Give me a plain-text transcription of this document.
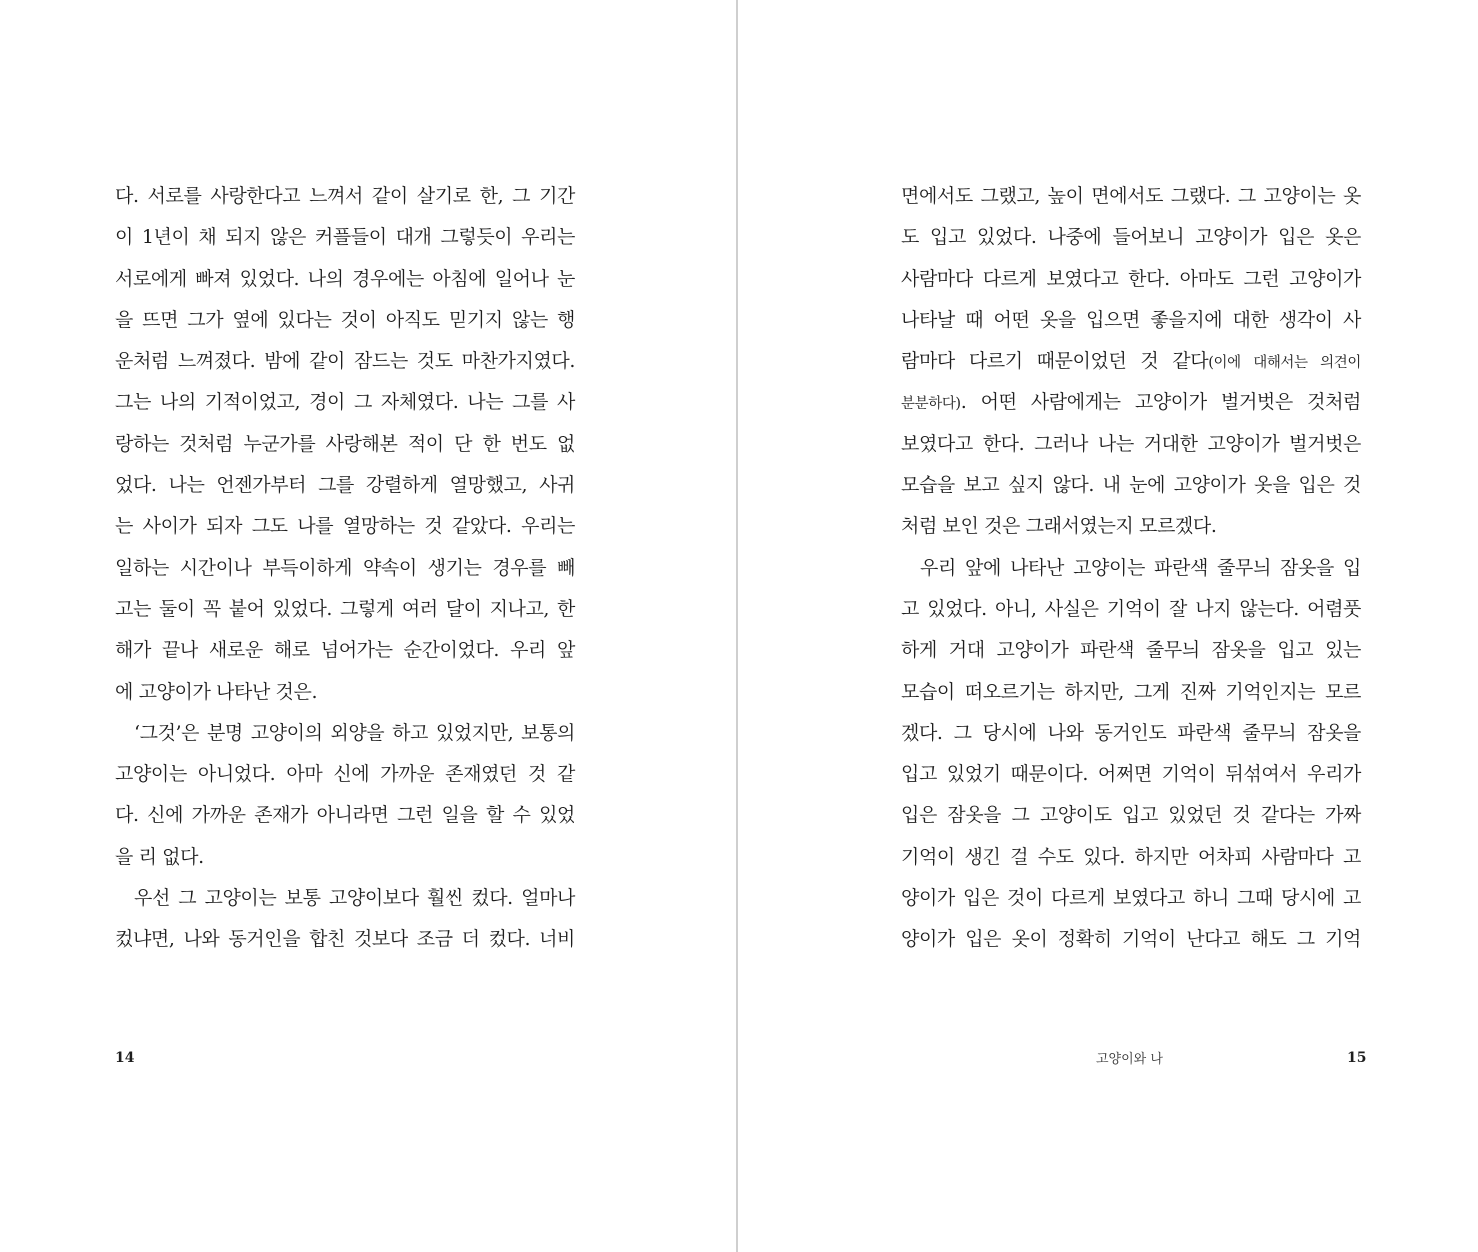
다. 서로를 사랑한다고 느껴서 같이 살기로 한, 그 기간
이 1년이 채 되지 않은 커플들이 대개 그렇듯이 우리는
서로에게 빠져 있었다. 나의 경우에는 아침에 일어나 눈
을 뜨면 그가 옆에 있다는 것이 아직도 믿기지 않는 행
운처럼 느껴졌다. 밤에 같이 잠드는 것도 마찬가지였다.
그는 나의 기적이었고, 경이 그 자체였다. 나는 그를 사
랑하는 것처럼 누군가를 사랑해본 적이 단 한 번도 없
었다. 나는 언젠가부터 그를 강렬하게 열망했고, 사귀
는 사이가 되자 그도 나를 열망하는 것 같았다. 우리는
일하는 시간이나 부득이하게 약속이 생기는 경우를 빼
고는 둘이 꼭 붙어 있었다. 그렇게 여러 달이 지나고, 한
해가 끝나 새로운 해로 넘어가는 순간이었다. 우리 앞
에 고양이가 나타난 것은.
‘그것’은 분명 고양이의 외양을 하고 있었지만, 보통의
고양이는 아니었다. 아마 신에 가까운 존재였던 것 같
다. 신에 가까운 존재가 아니라면 그런 일을 할 수 있었
을 리 없다.
우선 그 고양이는 보통 고양이보다 훨씬 컸다. 얼마나
컸냐면, 나와 동거인을 합친 것보다 조금 더 컸다. 너비
14
면에서도 그랬고, 높이 면에서도 그랬다. 그 고양이는 옷
도 입고 있었다. 나중에 들어보니 고양이가 입은 옷은
사람마다 다르게 보였다고 한다. 아마도 그런 고양이가
나타날 때 어떤 옷을 입으면 좋을지에 대한 생각이 사
람마다 다르기 때문이었던 것 같다(이에 대해서는 의견이
분분하다). 어떤 사람에게는 고양이가 벌거벗은 것처럼
보였다고 한다. 그러나 나는 거대한 고양이가 벌거벗은
모습을 보고 싶지 않다. 내 눈에 고양이가 옷을 입은 것
처럼 보인 것은 그래서였는지 모르겠다.
우리 앞에 나타난 고양이는 파란색 줄무늬 잠옷을 입
고 있었다. 아니, 사실은 기억이 잘 나지 않는다. 어렴풋
하게 거대 고양이가 파란색 줄무늬 잠옷을 입고 있는
모습이 떠오르기는 하지만, 그게 진짜 기억인지는 모르
겠다. 그 당시에 나와 동거인도 파란색 줄무늬 잠옷을
입고 있었기 때문이다. 어쩌면 기억이 뒤섞여서 우리가
입은 잠옷을 그 고양이도 입고 있었던 것 같다는 가짜
기억이 생긴 걸 수도 있다. 하지만 어차피 사람마다 고
양이가 입은 것이 다르게 보였다고 하니 그때 당시에 고
양이가 입은 옷이 정확히 기억이 난다고 해도 그 기억
고양이와 나	15
